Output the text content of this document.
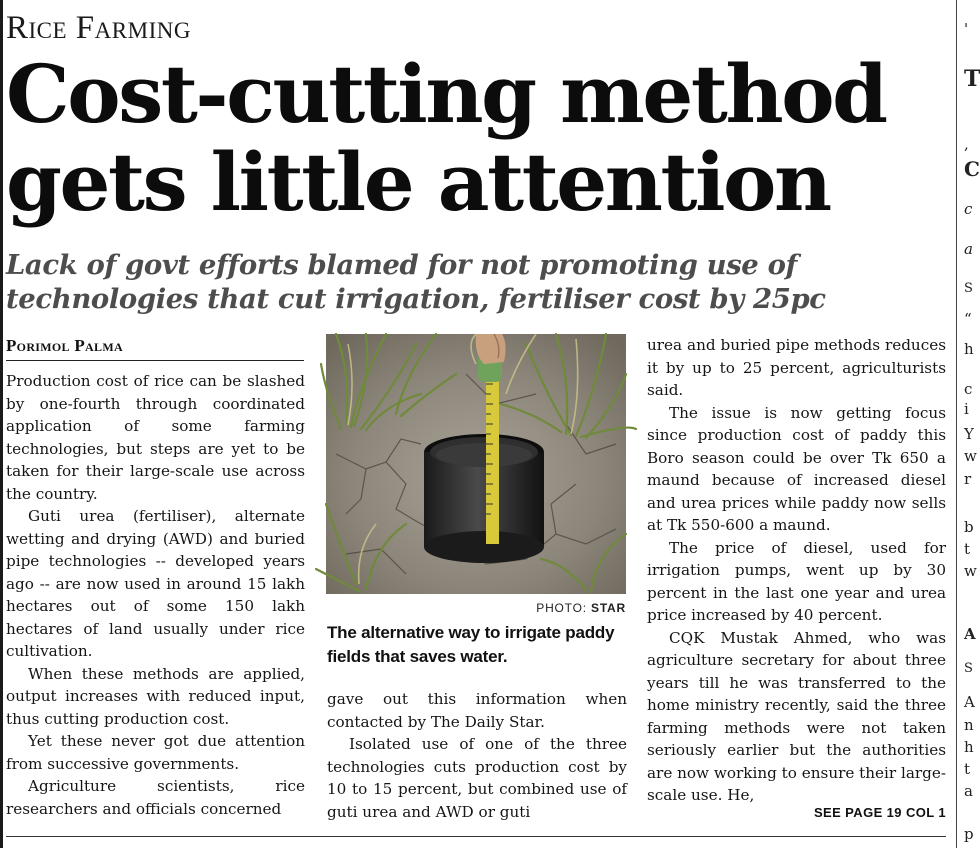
Rice Farming
Cost-cutting method gets little attention
Lack of govt efforts blamed for not promoting use of technologies that cut irrigation, fertiliser cost by 25pc
Porimol Palma

Production cost of rice can be slashed by one-fourth through coordinated application of some farming technologies, but steps are yet to be taken for their large-scale use across the country.

Guti urea (fertiliser), alternate wetting and drying (AWD) and buried pipe technologies -- developed years ago -- are now used in around 15 lakh hectares out of some 150 lakh hectares of land usually under rice cultivation.

When these methods are applied, output increases with reduced input, thus cutting production cost.

Yet these never got due attention from successive governments.

Agriculture scientists, rice researchers and officials concerned

PHOTO: STAR
The alternative way to irrigate paddy fields that saves water.

gave out this information when contacted by The Daily Star.

Isolated use of one of the three technologies cuts production cost by 10 to 15 percent, but combined use of guti urea and AWD or guti

urea and buried pipe methods reduces it by up to 25 percent, agriculturists said.

The issue is now getting focus since production cost of paddy this Boro season could be over Tk 650 a maund because of increased diesel and urea prices while paddy now sells at Tk 550-600 a maund.

The price of diesel, used for irrigation pumps, went up by 30 percent in the last one year and urea price increased by 40 percent.

CQK Mustak Ahmed, who was agriculture secretary for about three years till he was transferred to the home ministry recently, said the three farming methods were not taken seriously earlier but the authorities are now working to ensure their large-scale use. He,

SEE PAGE 19 COL 1
'
T
,
C
c
a
S
“
h
c
i
Y
w
r
b
t
w
A
S
A
n
h
t
a
p
